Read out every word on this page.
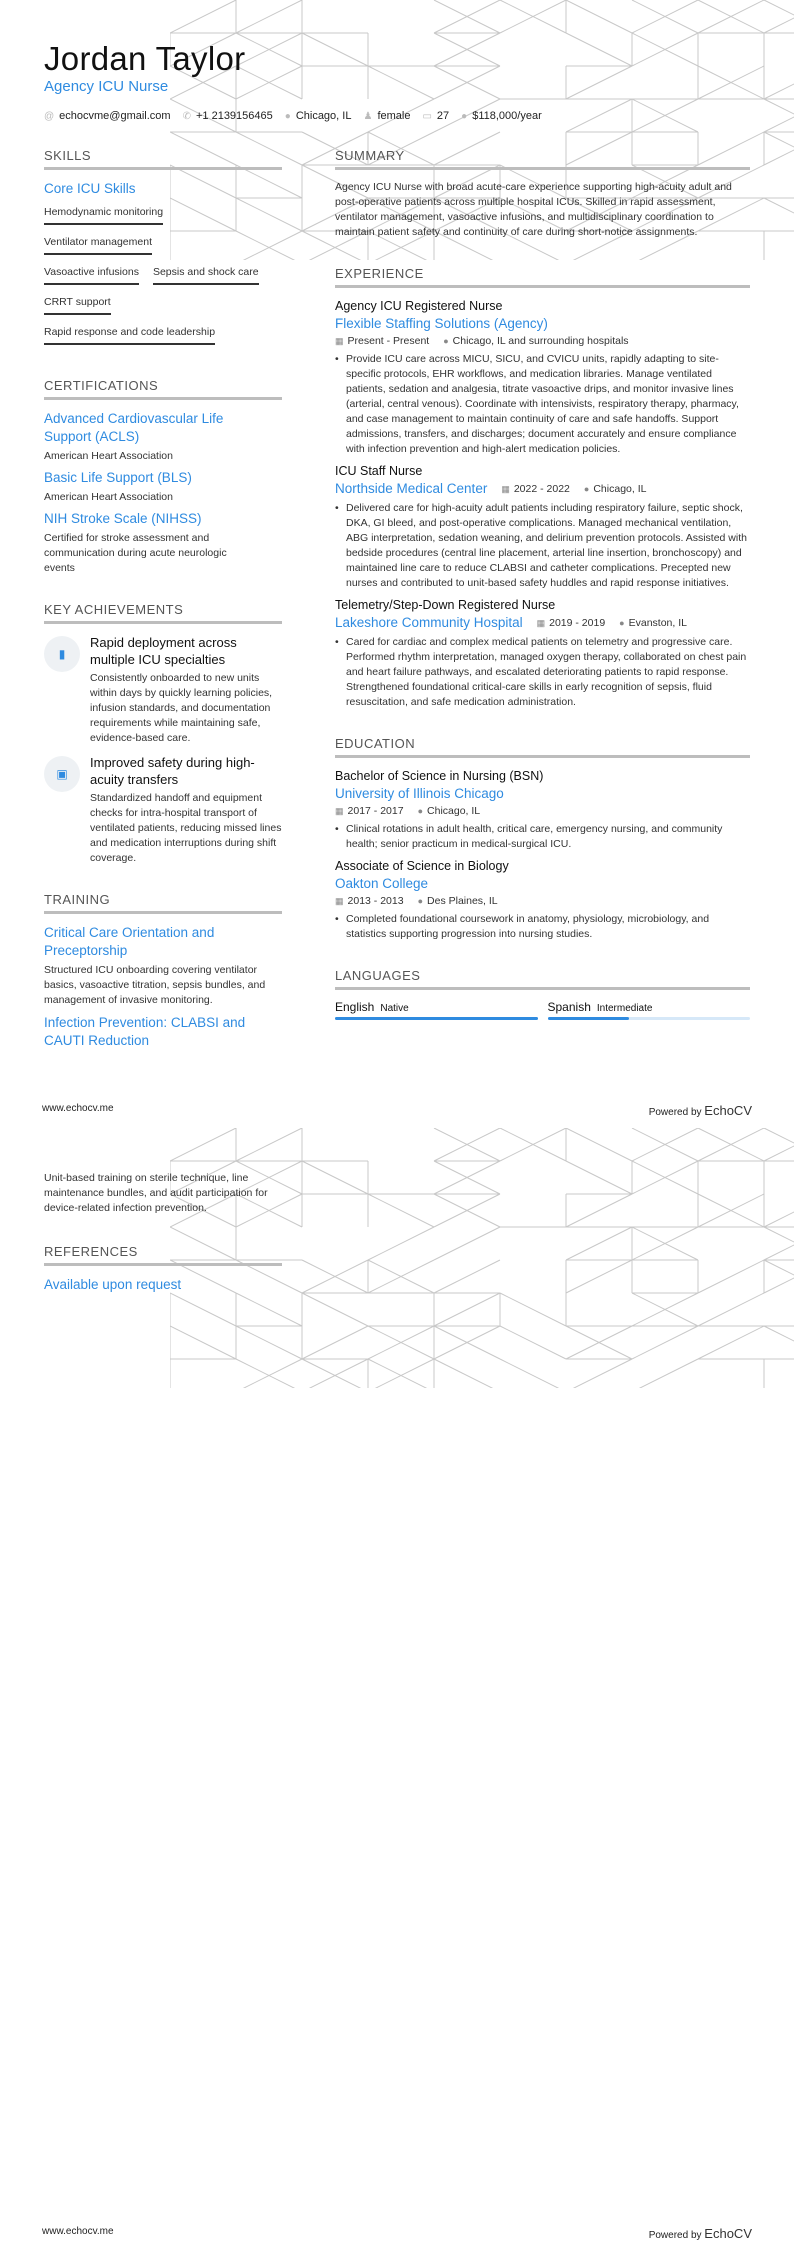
Jordan Taylor
Agency ICU Nurse
@ echocvme@gmail.com ✆ +1 2139156465 ● Chicago, IL ♟ female ▭ 27 ● $118,000/year
SKILLS
Core ICU Skills
Hemodynamic monitoring
Ventilator management
Vasoactive infusions Sepsis and shock care
CRRT support
Rapid response and code leadership
CERTIFICATIONS
Advanced Cardiovascular Life Support (ACLS)
American Heart Association
Basic Life Support (BLS)
American Heart Association
NIH Stroke Scale (NIHSS)
Certified for stroke assessment and communication during acute neurologic events
KEY ACHIEVEMENTS
▮
Rapid deployment across multiple ICU specialties
Consistently onboarded to new units within days by quickly learning policies, infusion standards, and documentation requirements while maintaining safe, evidence-based care.
▣
Improved safety during high-acuity transfers
Standardized handoff and equipment checks for intra-hospital transport of ventilated patients, reducing missed lines and medication interruptions during shift coverage.
TRAINING
Critical Care Orientation and Preceptorship
Structured ICU onboarding covering ventilator basics, vasoactive titration, sepsis bundles, and management of invasive monitoring.
Infection Prevention: CLABSI and CAUTI Reduction
SUMMARY
Agency ICU Nurse with broad acute-care experience supporting high-acuity adult and post-operative patients across multiple hospital ICUs. Skilled in rapid assessment, ventilator management, vasoactive infusions, and multidisciplinary coordination to maintain patient safety and continuity of care during short-notice assignments.
EXPERIENCE
Agency ICU Registered Nurse
Flexible Staffing Solutions (Agency)
▦ Present - Present ● Chicago, IL and surrounding hospitals
• Provide ICU care across MICU, SICU, and CVICU units, rapidly adapting to site-specific protocols, EHR workflows, and medication libraries. Manage ventilated patients, sedation and analgesia, titrate vasoactive drips, and monitor invasive lines (arterial, central venous). Coordinate with intensivists, respiratory therapy, pharmacy, and case management to maintain continuity of care and safe handoffs. Support admissions, transfers, and discharges; document accurately and ensure compliance with infection prevention and high-alert medication policies.
ICU Staff Nurse
Northside Medical Center ▦ 2022 - 2022 ● Chicago, IL
• Delivered care for high-acuity adult patients including respiratory failure, septic shock, DKA, GI bleed, and post-operative complications. Managed mechanical ventilation, ABG interpretation, sedation weaning, and delirium prevention protocols. Assisted with bedside procedures (central line placement, arterial line insertion, bronchoscopy) and maintained line care to reduce CLABSI and catheter complications. Precepted new nurses and contributed to unit-based safety huddles and rapid response initiatives.
Telemetry/Step-Down Registered Nurse
Lakeshore Community Hospital ▦ 2019 - 2019 ● Evanston, IL
• Cared for cardiac and complex medical patients on telemetry and progressive care. Performed rhythm interpretation, managed oxygen therapy, collaborated on chest pain and heart failure pathways, and escalated deteriorating patients to rapid response. Strengthened foundational critical-care skills in early recognition of sepsis, fluid resuscitation, and safe medication administration.
EDUCATION
Bachelor of Science in Nursing (BSN)
University of Illinois Chicago
▦ 2017 - 2017 ● Chicago, IL
• Clinical rotations in adult health, critical care, emergency nursing, and community health; senior practicum in medical-surgical ICU.
Associate of Science in Biology
Oakton College
▦ 2013 - 2013 ● Des Plaines, IL
• Completed foundational coursework in anatomy, physiology, microbiology, and statistics supporting progression into nursing studies.
LANGUAGES
English Native	Spanish Intermediate
www.echocv.me	Powered by EchoCV
Unit-based training on sterile technique, line maintenance bundles, and audit participation for device-related infection prevention.
REFERENCES
Available upon request
www.echocv.me	Powered by EchoCV
